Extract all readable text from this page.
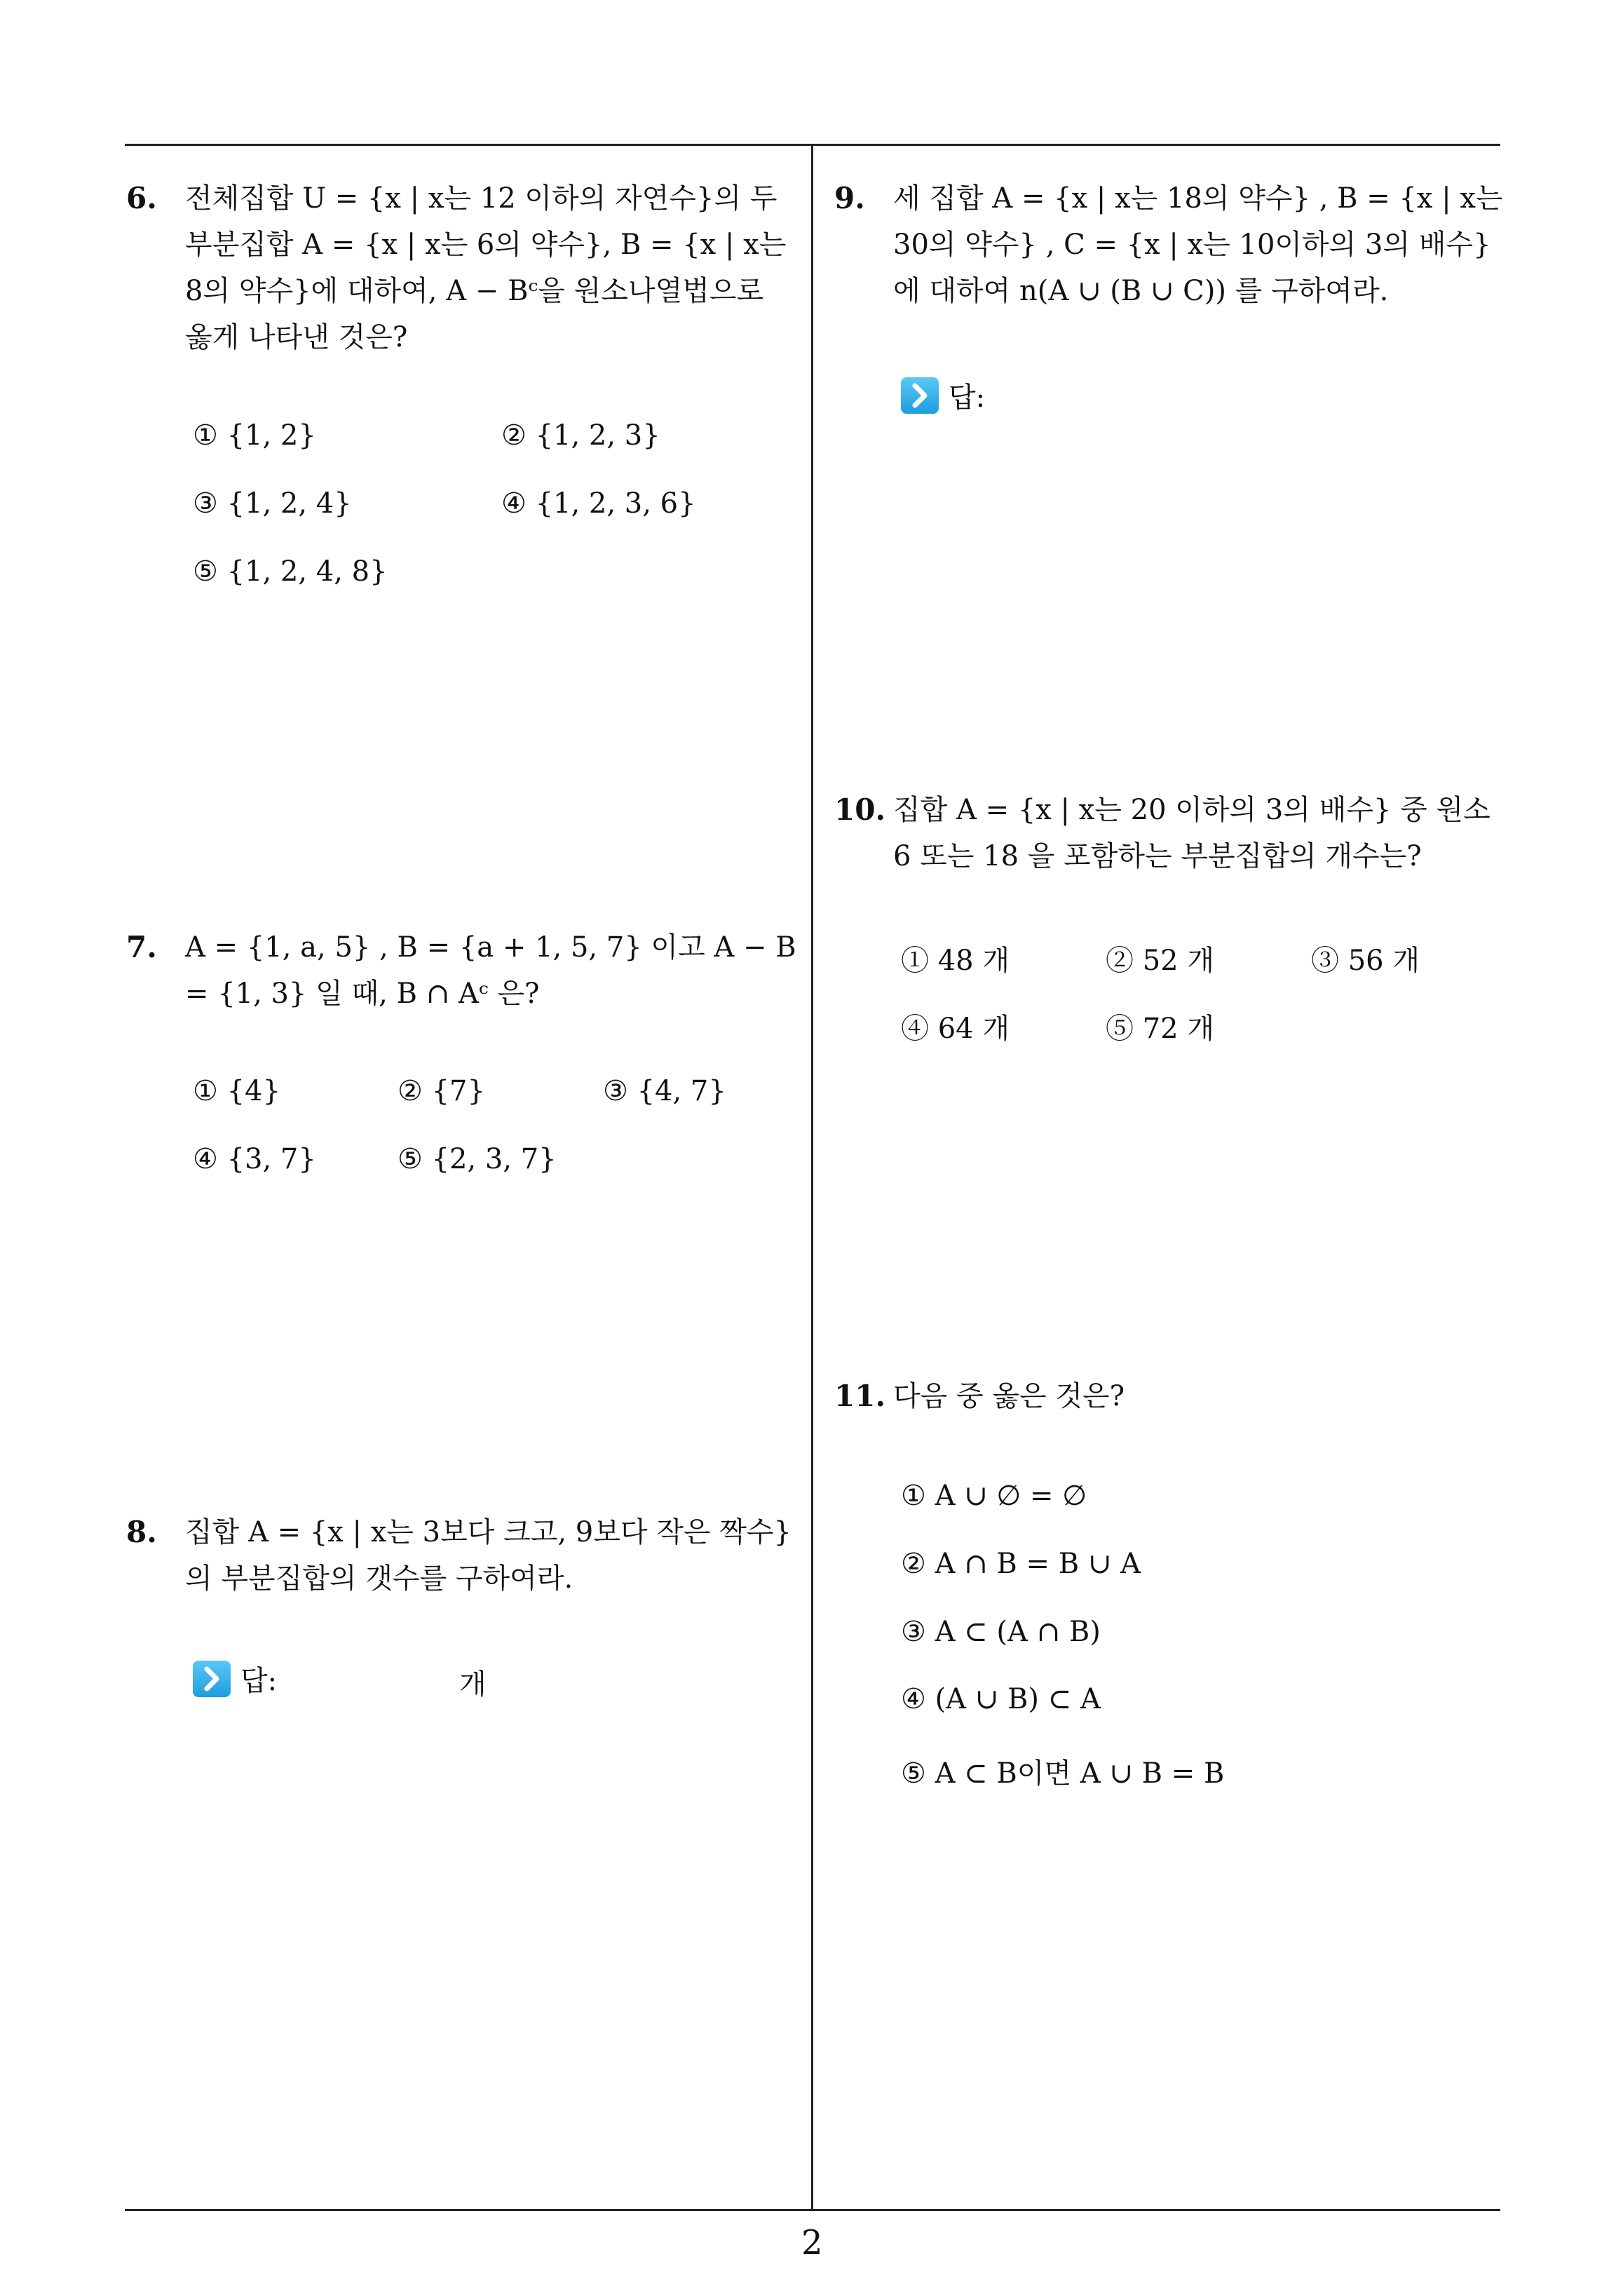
6. 전체집합 U = {x | x는 12 이하의 자연수}의 두 부분집합 A = {x | x는 6의 약수}, B = {x | x는 8의 약수}에 대하여, A − Bᶜ을 원소나열법으로 옳게 나타낸 것은?

① {1, 2}	② {1, 2, 3}
③ {1, 2, 4}	④ {1, 2, 3, 6}
⑤ {1, 2, 4, 8}
7. A = {1, a, 5} , B = {a + 1, 5, 7} 이고 A − B = {1, 3} 일 때, B ∩ Aᶜ 은?

① {4}	② {7}	③ {4, 7}
④ {3, 7}	⑤ {2, 3, 7}
8. 집합 A = {x | x는 3보다 크고, 9보다 작은 짝수}의 부분집합의 갯수를 구하여라.

답:	개
9. 세 집합 A = {x | x는 18의 약수} , B = {x | x는 30의 약수} , C = {x | x는 10이하의 3의 배수} 에 대하여 n(A ∪ (B ∪ C)) 를 구하여라.

답:
10. 집합 A = {x | x는 20 이하의 3의 배수} 중 원소 6 또는 18 을 포함하는 부분집합의 개수는?

① 48 개	② 52 개	③ 56 개
④ 64 개	⑤ 72 개
11. 다음 중 옳은 것은?

① A ∪ ∅ = ∅
② A ∩ B = B ∪ A
③ A ⊂ (A ∩ B)
④ (A ∪ B) ⊂ A
⑤ A ⊂ B이면 A ∪ B = B
2
